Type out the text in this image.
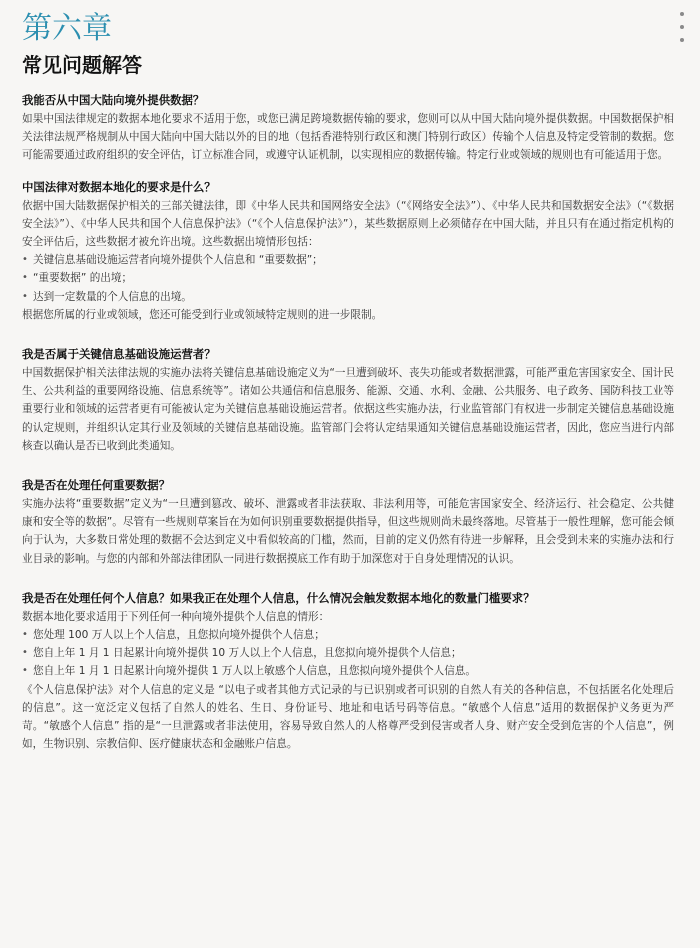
第六章
常见问题解答
我能否从中国大陆向境外提供数据？

如果中国法律规定的数据本地化要求不适用于您，或您已满足跨境数据传输的要求，您则可以从中国大陆向境外提供数据。中国数据保护相关法律法规严格规制从中国大陆向中国大陆以外的目的地（包括香港特别行政区和澳门特别行政区）传输个人信息及特定受管制的数据。您可能需要通过政府组织的安全评估，订立标准合同，或遵守认证机制，以实现相应的数据传输。特定行业或领域的规则也有可能适用于您。

中国法律对数据本地化的要求是什么？

依据中国大陆数据保护相关的三部关键法律，即《中华人民共和国网络安全法》（“《网络安全法》”）、《中华人民共和国数据安全法》（“《数据安全法》”）、《中华人民共和国个人信息保护法》（“《个人信息保护法》”），某些数据原则上必须储存在中国大陆，并且只有在通过指定机构的安全评估后，这些数据才被允许出境。这些数据出境情形包括：

• 关键信息基础设施运营者向境外提供个人信息和 “重要数据”；
• “重要数据” 的出境；
• 达到一定数量的个人信息的出境。

根据您所属的行业或领域，您还可能受到行业或领域特定规则的进一步限制。

我是否属于关键信息基础设施运营者？

中国数据保护相关法律法规的实施办法将关键信息基础设施定义为“一旦遭到破坏、丧失功能或者数据泄露，可能严重危害国家安全、国计民生、公共利益的重要网络设施、信息系统等”。诸如公共通信和信息服务、能源、交通、水利、金融、公共服务、电子政务、国防科技工业等重要行业和领域的运营者更有可能被认定为关键信息基础设施运营者。依据这些实施办法，行业监管部门有权进一步制定关键信息基础设施的认定规则，并组织认定其行业及领域的关键信息基础设施。监管部门会将认定结果通知关键信息基础设施运营者，因此，您应当进行内部核查以确认是否已收到此类通知。

我是否在处理任何重要数据？

实施办法将“重要数据”定义为“一旦遭到篡改、破坏、泄露或者非法获取、非法利用等，可能危害国家安全、经济运行、社会稳定、公共健康和安全等的数据”。尽管有一些规则草案旨在为如何识别重要数据提供指导，但这些规则尚未最终落地。尽管基于一般性理解，您可能会倾向于认为，大多数日常处理的数据不会达到定义中看似较高的门槛，然而，目前的定义仍然有待进一步解释，且会受到未来的实施办法和行业目录的影响。与您的内部和外部法律团队一同进行数据摸底工作有助于加深您对于自身处理情况的认识。

我是否在处理任何个人信息？如果我正在处理个人信息，什么情况会触发数据本地化的数量门槛要求？

数据本地化要求适用于下列任何一种向境外提供个人信息的情形：

• 您处理 100 万人以上个人信息，且您拟向境外提供个人信息；
• 您自上年 1 月 1 日起累计向境外提供 10 万人以上个人信息，且您拟向境外提供个人信息；
• 您自上年 1 月 1 日起累计向境外提供 1 万人以上敏感个人信息，且您拟向境外提供个人信息。

《个人信息保护法》对个人信息的定义是 “以电子或者其他方式记录的与已识别或者可识别的自然人有关的各种信息，不包括匿名化处理后的信息”。这一宽泛定义包括了自然人的姓名、生日、身份证号、地址和电话号码等信息。“敏感个人信息”适用的数据保护义务更为严苛。“敏感个人信息” 指的是“一旦泄露或者非法使用，容易导致自然人的人格尊严受到侵害或者人身、财产安全受到危害的个人信息”，例如，生物识别、宗教信仰、医疗健康状态和金融账户信息。
